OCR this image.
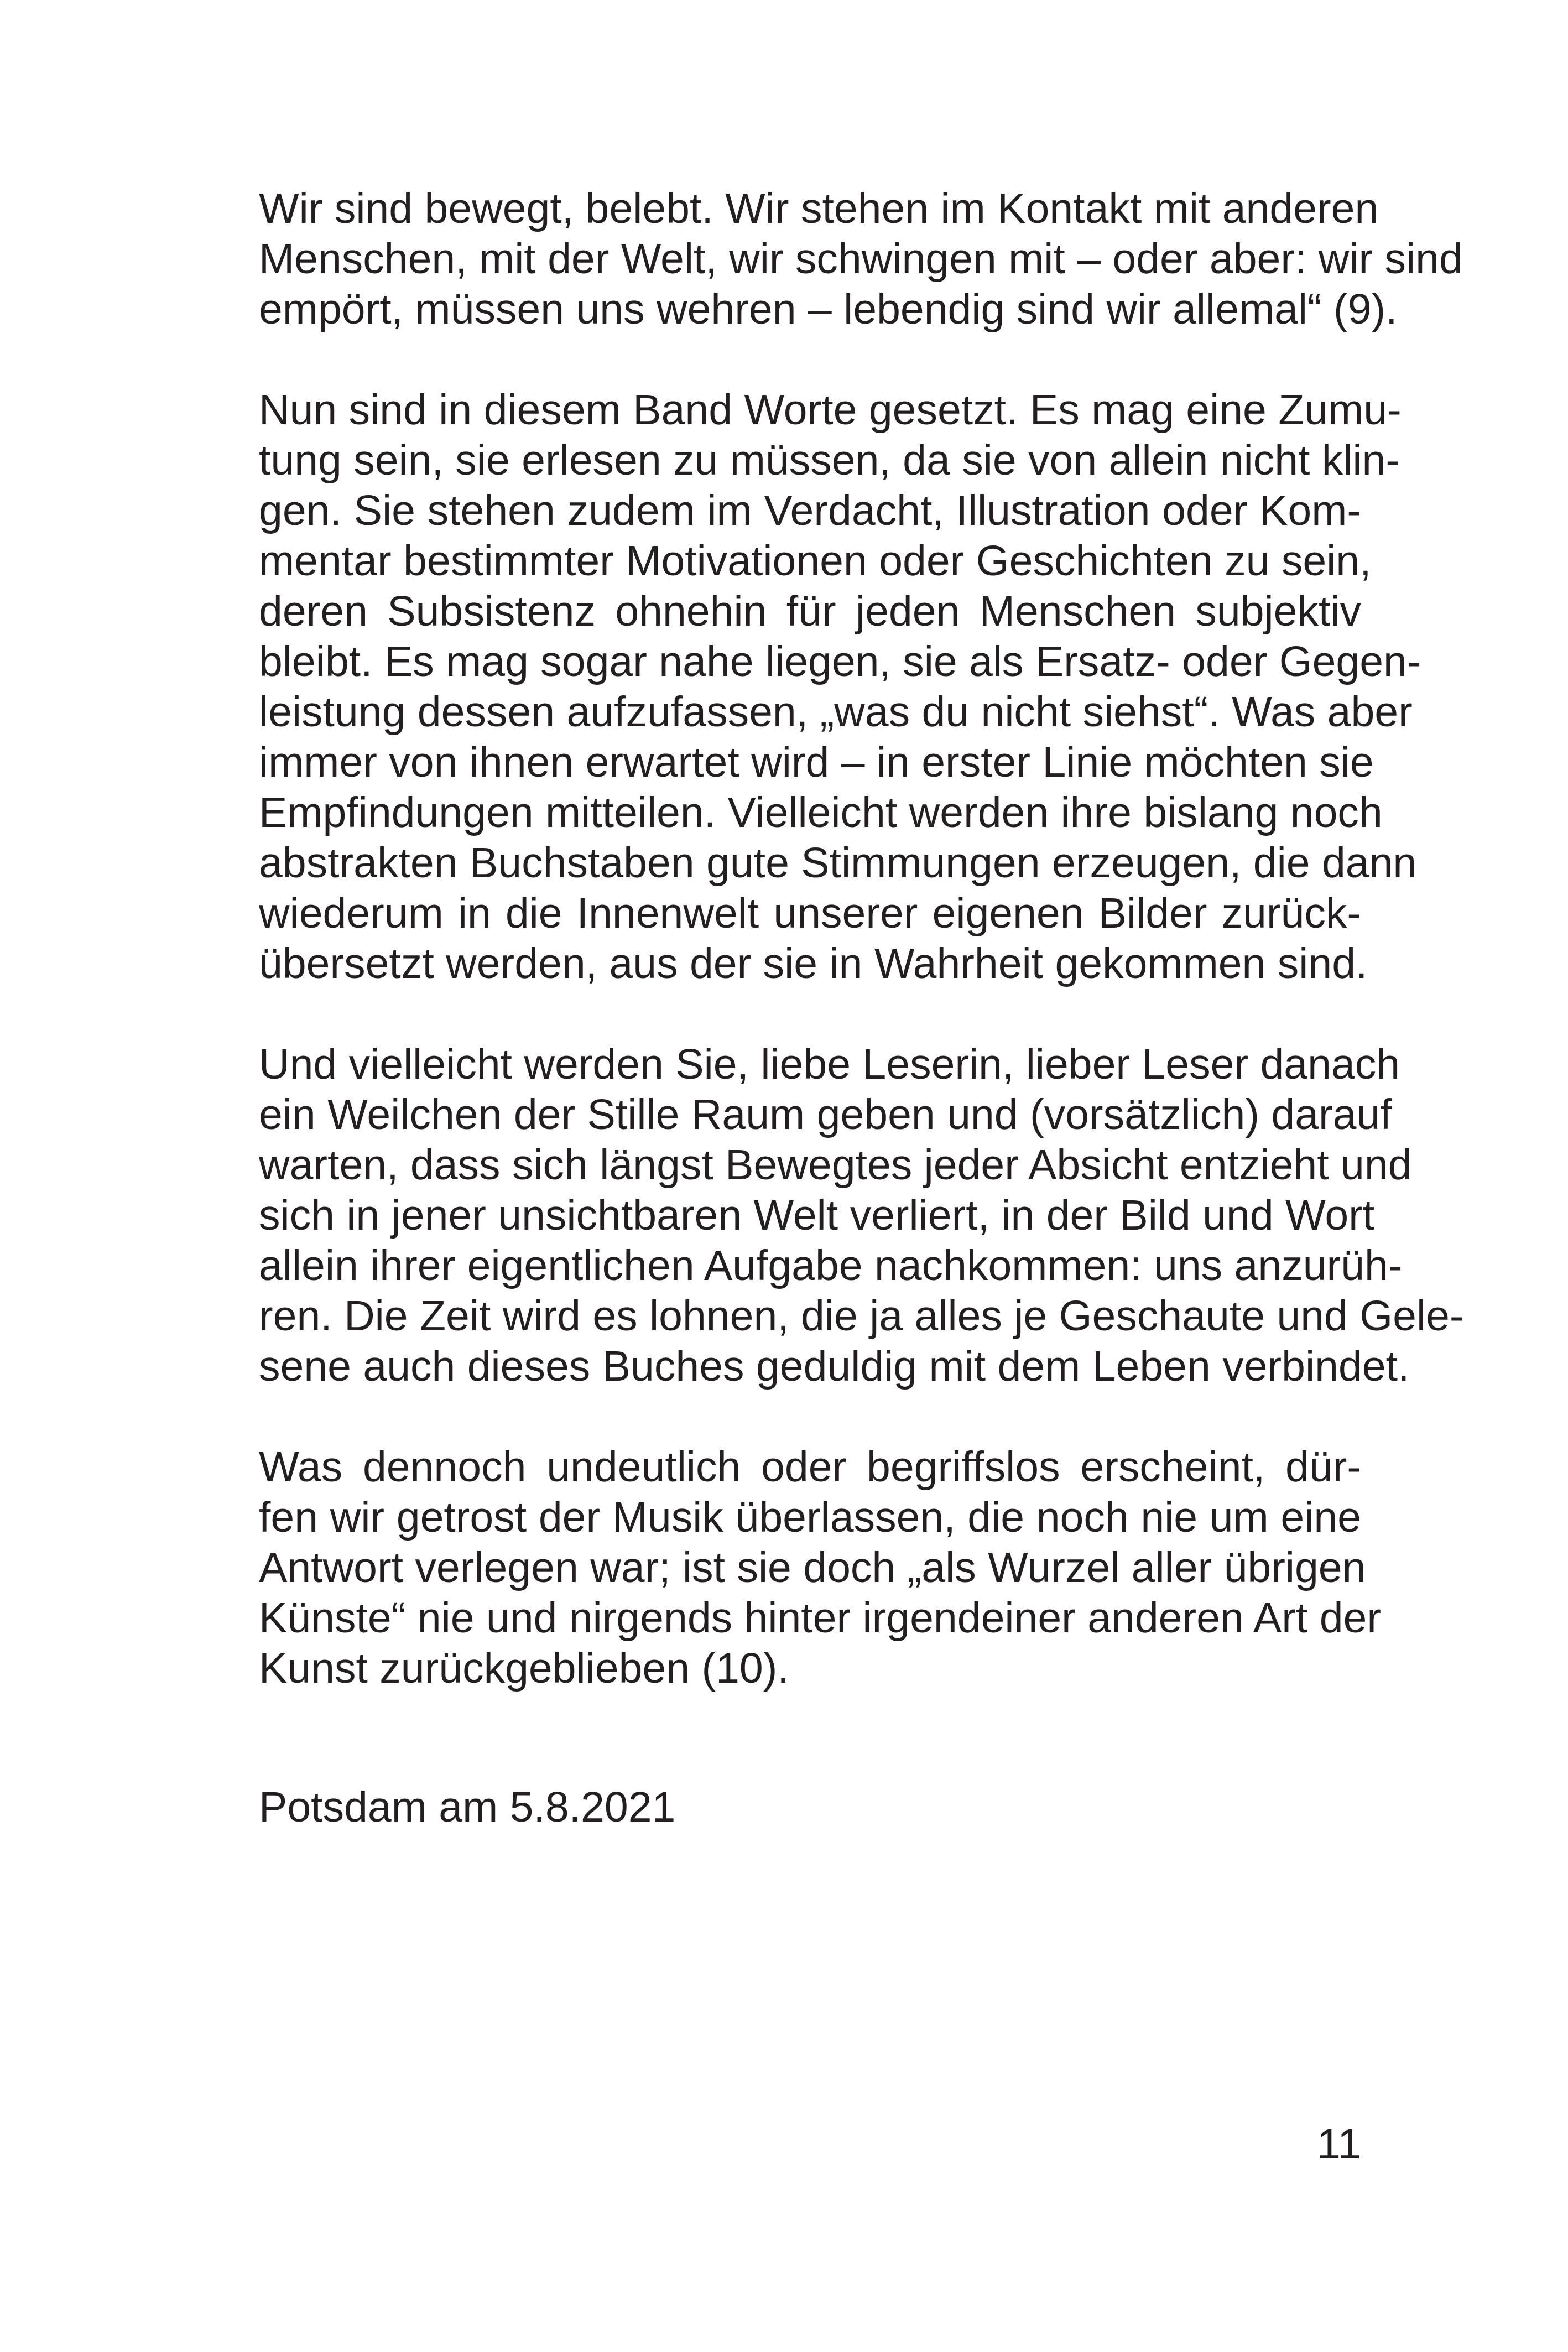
Wir sind bewegt, belebt. Wir stehen im Kontakt mit anderen
Menschen, mit der Welt, wir schwingen mit – oder aber: wir sind
empört, müssen uns wehren – lebendig sind wir allemal“ (9).
Nun sind in diesem Band Worte gesetzt. Es mag eine Zumu-
tung sein, sie erlesen zu müssen, da sie von allein nicht klin-
gen. Sie stehen zudem im Verdacht, Illustration oder Kom-
mentar bestimmter Motivationen oder Geschichten zu sein,
deren Subsistenz ohnehin für jeden Menschen subjektiv
bleibt. Es mag sogar nahe liegen, sie als Ersatz- oder Gegen-
leistung dessen aufzufassen, „was du nicht siehst“. Was aber
immer von ihnen erwartet wird – in erster Linie möchten sie
Empfindungen mitteilen. Vielleicht werden ihre bislang noch
abstrakten Buchstaben gute Stimmungen erzeugen, die dann
wiederum in die Innenwelt unserer eigenen Bilder zurück-
übersetzt werden, aus der sie in Wahrheit gekommen sind.
Und vielleicht werden Sie, liebe Leserin, lieber Leser danach
ein Weilchen der Stille Raum geben und (vorsätzlich) darauf
warten, dass sich längst Bewegtes jeder Absicht entzieht und
sich in jener unsichtbaren Welt verliert, in der Bild und Wort
allein ihrer eigentlichen Aufgabe nachkommen: uns anzurüh-
ren. Die Zeit wird es lohnen, die ja alles je Geschaute und Gele-
sene auch dieses Buches geduldig mit dem Leben verbindet.
Was dennoch undeutlich oder begriffslos erscheint, dür-
fen wir getrost der Musik überlassen, die noch nie um eine
Antwort verlegen war; ist sie doch „als Wurzel aller übrigen
Künste“ nie und nirgends hinter irgendeiner anderen Art der
Kunst zurückgeblieben (10).
Potsdam am 5.8.2021
11
